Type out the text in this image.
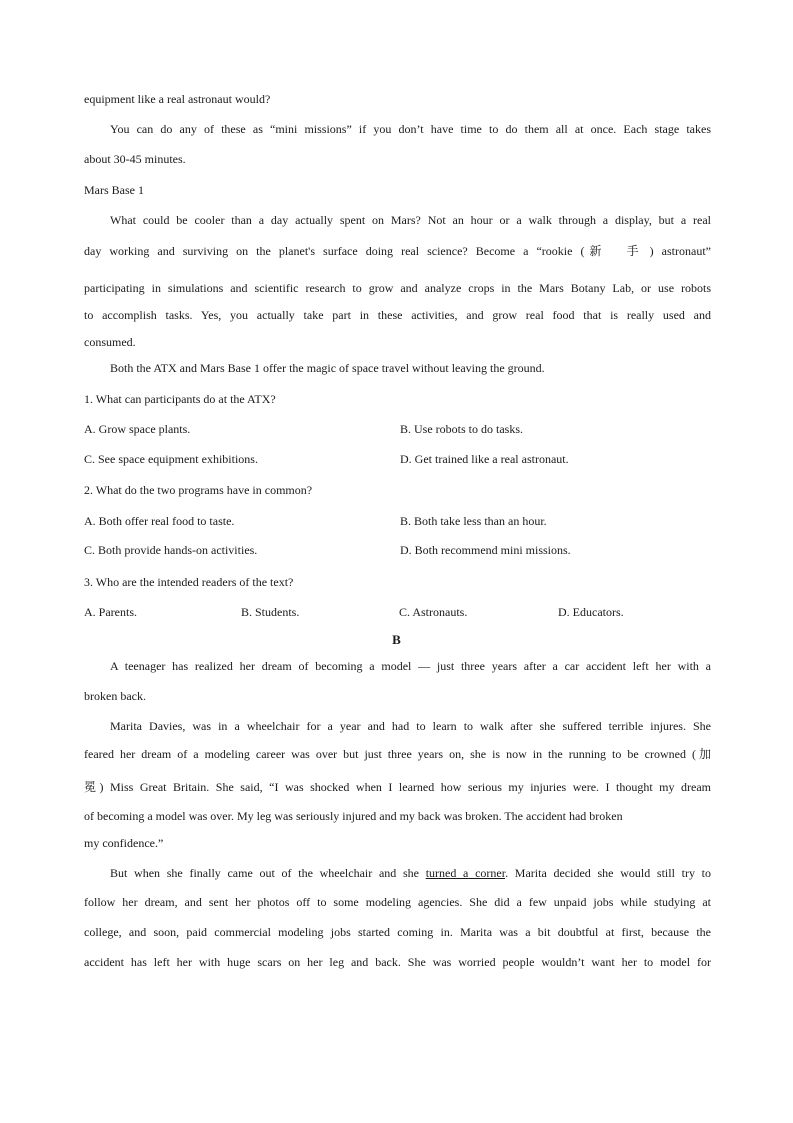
equipment like a real astronaut would?
You can do any of these as “mini missions” if you don’t have time to do them all at once. Each stage takes
about 30-45 minutes.
Mars Base 1
What could be cooler than a day actually spent on Mars? Not an hour or a walk through a display, but a real
day working and surviving on the planet's surface doing real science? Become a “rookie (新 手) astronaut”
participating in simulations and scientific research to grow and analyze crops in the Mars Botany Lab, or use robots
to accomplish tasks. Yes, you actually take part in these activities, and grow real food that is really used and
consumed.
Both the ATX and Mars Base 1 offer the magic of space travel without leaving the ground.
1. What can participants do at the ATX?
A. Grow space plants.	B. Use robots to do tasks.
C. See space equipment exhibitions.	D. Get trained like a real astronaut.
2. What do the two programs have in common?
A. Both offer real food to taste.	B. Both take less than an hour.
C. Both provide hands-on activities.	D. Both recommend mini missions.
3. Who are the intended readers of the text?
A. Parents.	B. Students.	C. Astronauts.	D. Educators.
B
A teenager has realized her dream of becoming a model — just three years after a car accident left her with a
broken back.
Marita Davies, was in a wheelchair for a year and had to learn to walk after she suffered terrible injures. She
feared her dream of a modeling career was over but just three years on, she is now in the running to be crowned (加
冕) Miss Great Britain. She said, “I was shocked when I learned how serious my injuries were. I thought my dream
of becoming a model was over. My leg was seriously injured and my back was broken. The accident had broken
my confidence.”
But when she finally came out of the wheelchair and she turned a corner. Marita decided she would still try to
follow her dream, and sent her photos off to some modeling agencies. She did a few unpaid jobs while studying at
college, and soon, paid commercial modeling jobs started coming in. Marita was a bit doubtful at first, because the
accident has left her with huge scars on her leg and back. She was worried people wouldn’t want her to model for
